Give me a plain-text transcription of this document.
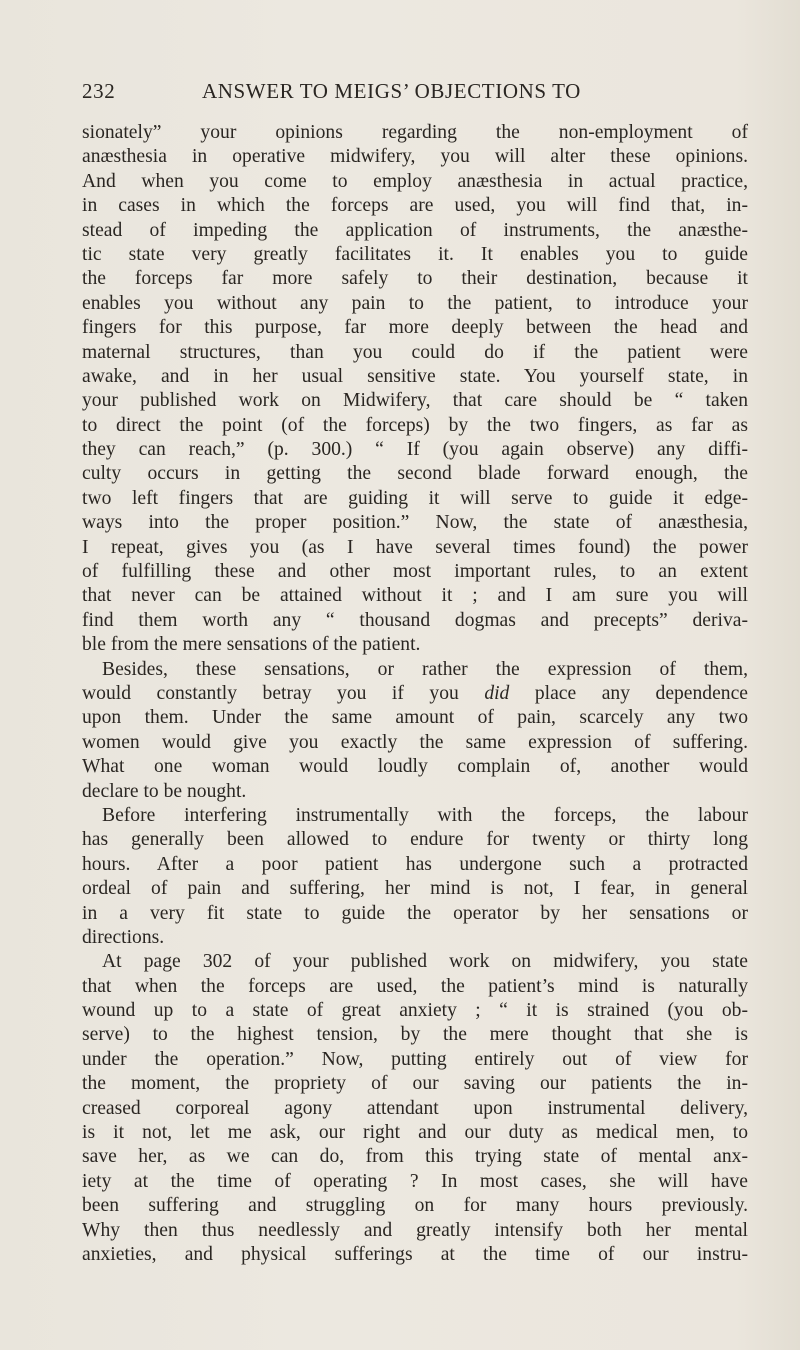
232	ANSWER TO MEIGS’ OBJECTIONS TO
sionately” your opinions regarding the non-employment of
anæsthesia in operative midwifery, you will alter these opinions.
And when you come to employ anæsthesia in actual practice,
in cases in which the forceps are used, you will find that, in-
stead of impeding the application of instruments, the anæsthe-
tic state very greatly facilitates it. It enables you to guide
the forceps far more safely to their destination, because it
enables you without any pain to the patient, to introduce your
fingers for this purpose, far more deeply between the head and
maternal structures, than you could do if the patient were
awake, and in her usual sensitive state. You yourself state, in
your published work on Midwifery, that care should be “ taken
to direct the point (of the forceps) by the two fingers, as far as
they can reach,” (p. 300.) “ If (you again observe) any diffi-
culty occurs in getting the second blade forward enough, the
two left fingers that are guiding it will serve to guide it edge-
ways into the proper position.” Now, the state of anæsthesia,
I repeat, gives you (as I have several times found) the power
of fulfilling these and other most important rules, to an extent
that never can be attained without it ; and I am sure you will
find them worth any “ thousand dogmas and precepts” deriva-
ble from the mere sensations of the patient.
Besides, these sensations, or rather the expression of them,
would constantly betray you if you did place any dependence
upon them. Under the same amount of pain, scarcely any two
women would give you exactly the same expression of suffering.
What one woman would loudly complain of, another would
declare to be nought.
Before interfering instrumentally with the forceps, the labour
has generally been allowed to endure for twenty or thirty long
hours. After a poor patient has undergone such a protracted
ordeal of pain and suffering, her mind is not, I fear, in general
in a very fit state to guide the operator by her sensations or
directions.
At page 302 of your published work on midwifery, you state
that when the forceps are used, the patient’s mind is naturally
wound up to a state of great anxiety ; “ it is strained (you ob-
serve) to the highest tension, by the mere thought that she is
under the operation.” Now, putting entirely out of view for
the moment, the propriety of our saving our patients the in-
creased corporeal agony attendant upon instrumental delivery,
is it not, let me ask, our right and our duty as medical men, to
save her, as we can do, from this trying state of mental anx-
iety at the time of operating ? In most cases, she will have
been suffering and struggling on for many hours previously.
Why then thus needlessly and greatly intensify both her mental
anxieties, and physical sufferings at the time of our instru-
